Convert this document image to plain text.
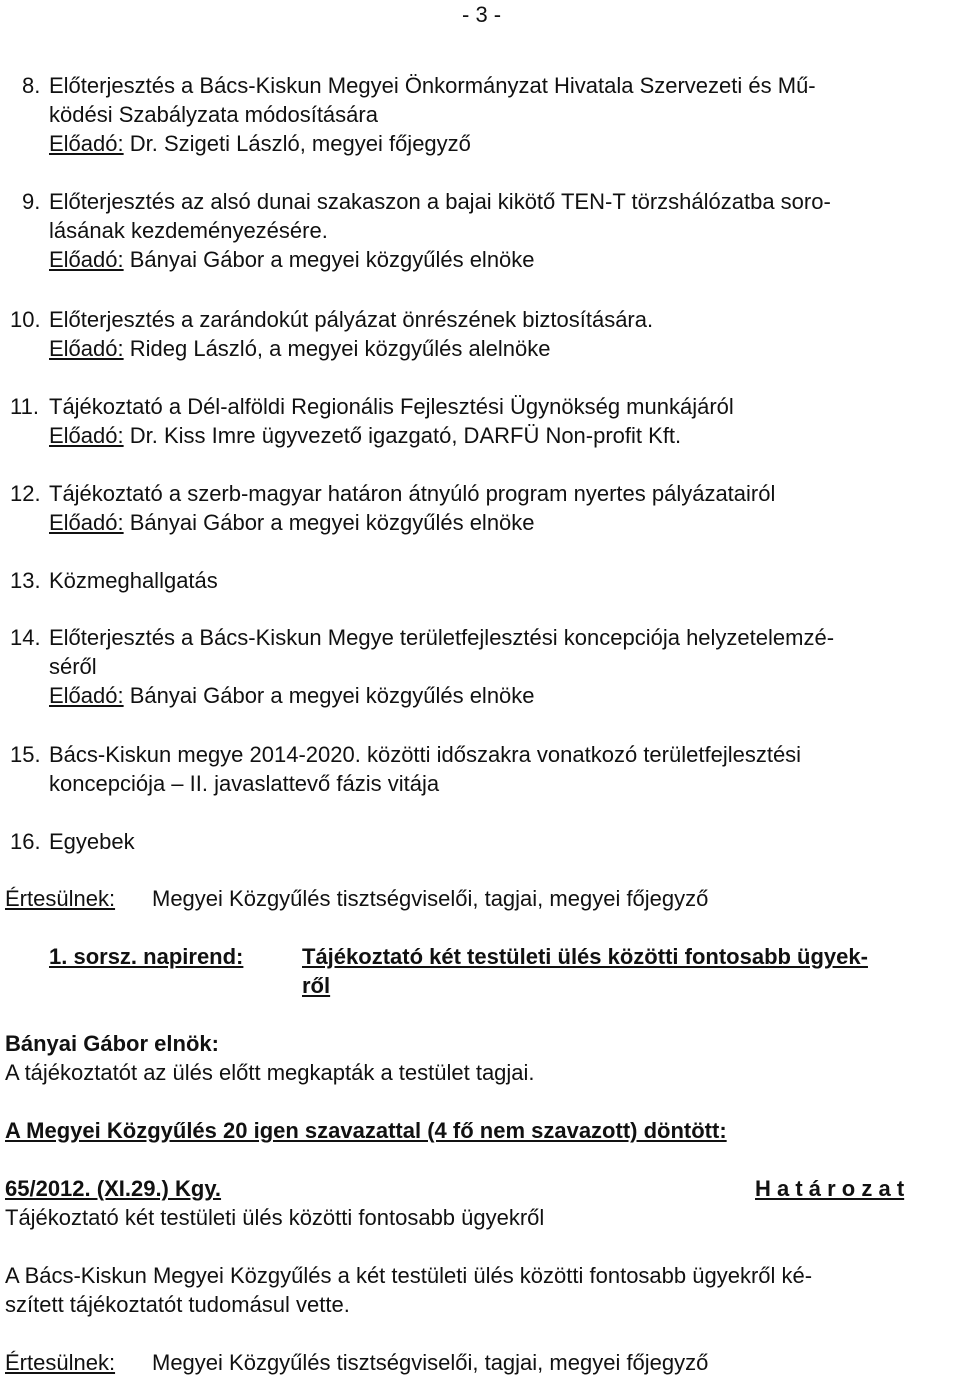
- 3 -
8. Előterjesztés a Bács-Kiskun Megyei Önkormányzat Hivatala Szervezeti és Mű-
ködési Szabályzata módosítására
Előadó: Dr. Szigeti László, megyei főjegyző
9. Előterjesztés az alsó dunai szakaszon a bajai kikötő TEN-T törzshálózatba soro-
lásának kezdeményezésére.
Előadó: Bányai Gábor a megyei közgyűlés elnöke
10. Előterjesztés a zarándokút pályázat önrészének biztosítására.
Előadó: Rideg László, a megyei közgyűlés alelnöke
11. Tájékoztató a Dél-alföldi Regionális Fejlesztési Ügynökség munkájáról
Előadó: Dr. Kiss Imre ügyvezető igazgató, DARFÜ Non-profit Kft.
12. Tájékoztató a szerb-magyar határon átnyúló program nyertes pályázatairól
Előadó: Bányai Gábor a megyei közgyűlés elnöke
13. Közmeghallgatás
14. Előterjesztés a Bács-Kiskun Megye területfejlesztési koncepciója helyzetelemzé-
séről
Előadó: Bányai Gábor a megyei közgyűlés elnöke
15. Bács-Kiskun megye 2014-2020. közötti időszakra vonatkozó területfejlesztési
koncepciója – II. javaslattevő fázis vitája
16. Egyebek
Értesülnek: Megyei Közgyűlés tisztségviselői, tagjai, megyei főjegyző
1. sorsz. napirend:	Tájékoztató két testületi ülés közötti fontosabb ügyek-
ről
Bányai Gábor elnök:
A tájékoztatót az ülés előtt megkapták a testület tagjai.
A Megyei Közgyűlés 20 igen szavazattal (4 fő nem szavazott) döntött:
65/2012. (XI.29.) Kgy.	H a t á r o z a t
Tájékoztató két testületi ülés közötti fontosabb ügyekről
A Bács-Kiskun Megyei Közgyűlés a két testületi ülés közötti fontosabb ügyekről ké-
szített tájékoztatót tudomásul vette.
Értesülnek: Megyei Közgyűlés tisztségviselői, tagjai, megyei főjegyző
